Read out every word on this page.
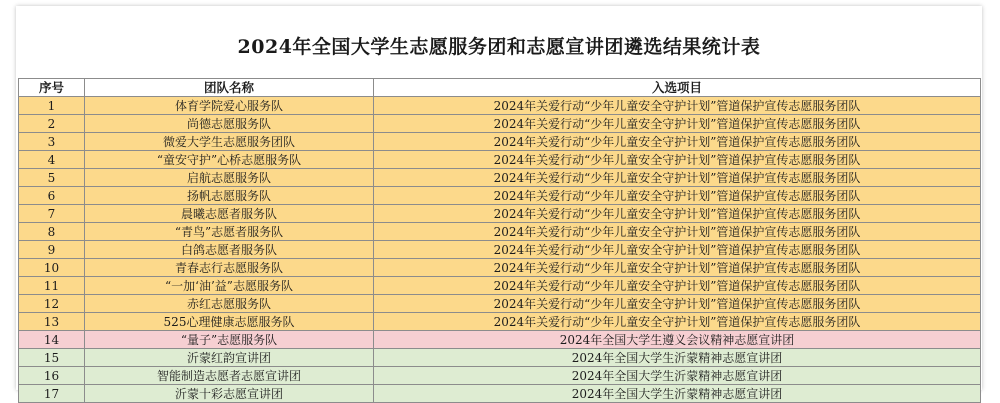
2024年全国大学生志愿服务团和志愿宣讲团遴选结果统计表
序号	团队名称	入选项目
1	体育学院爱心服务队	2024年关爱行动“少年儿童安全守护计划”管道保护宣传志愿服务团队
2	尚德志愿服务队	2024年关爱行动“少年儿童安全守护计划”管道保护宣传志愿服务团队
3	微爱大学生志愿服务团队	2024年关爱行动“少年儿童安全守护计划”管道保护宣传志愿服务团队
4	“童安守护”心桥志愿服务队	2024年关爱行动“少年儿童安全守护计划”管道保护宣传志愿服务团队
5	启航志愿服务队	2024年关爱行动“少年儿童安全守护计划”管道保护宣传志愿服务团队
6	扬帆志愿服务队	2024年关爱行动“少年儿童安全守护计划”管道保护宣传志愿服务团队
7	晨曦志愿者服务队	2024年关爱行动“少年儿童安全守护计划”管道保护宣传志愿服务团队
8	“青鸟”志愿者服务队	2024年关爱行动“少年儿童安全守护计划”管道保护宣传志愿服务团队
9	白鸽志愿者服务队	2024年关爱行动“少年儿童安全守护计划”管道保护宣传志愿服务团队
10	青春志行志愿服务队	2024年关爱行动“少年儿童安全守护计划”管道保护宣传志愿服务团队
11	“一加‘油’益”志愿服务队	2024年关爱行动“少年儿童安全守护计划”管道保护宣传志愿服务团队
12	赤红志愿服务队	2024年关爱行动“少年儿童安全守护计划”管道保护宣传志愿服务团队
13	525心理健康志愿服务队	2024年关爱行动“少年儿童安全守护计划”管道保护宣传志愿服务团队
14	“量子”志愿服务队	2024年全国大学生遵义会议精神志愿宣讲团
15	沂蒙红韵宣讲团	2024年全国大学生沂蒙精神志愿宣讲团
16	智能制造志愿者志愿宣讲团	2024年全国大学生沂蒙精神志愿宣讲团
17	沂蒙十彩志愿宣讲团	2024年全国大学生沂蒙精神志愿宣讲团
